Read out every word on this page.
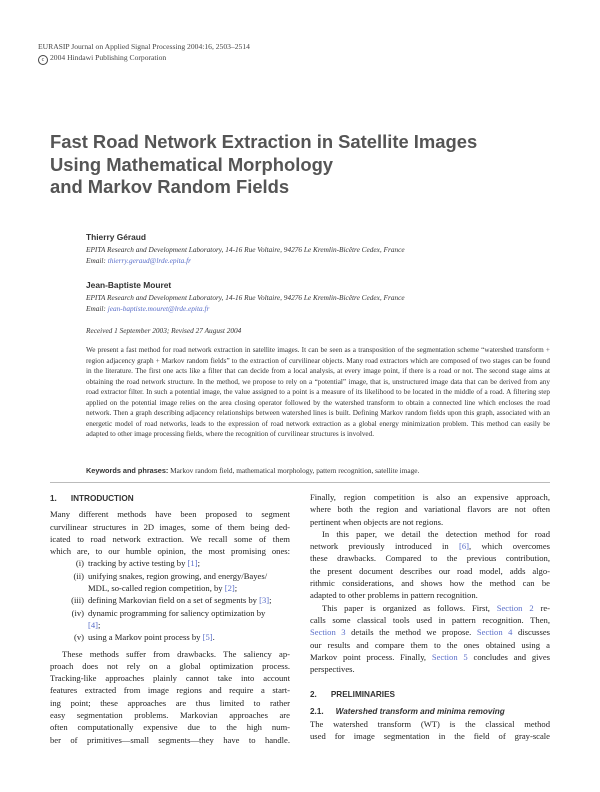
EURASIP Journal on Applied Signal Processing 2004:16, 2503–2514
c 2004 Hindawi Publishing Corporation
Fast Road Network Extraction in Satellite Images
Using Mathematical Morphology
and Markov Random Fields
Thierry Géraud
EPITA Research and Development Laboratory, 14-16 Rue Voltaire, 94276 Le Kremlin-Bicêtre Cedex, France
Email: thierry.geraud@lrde.epita.fr
Jean-Baptiste Mouret
EPITA Research and Development Laboratory, 14-16 Rue Voltaire, 94276 Le Kremlin-Bicêtre Cedex, France
Email: jean-baptiste.mouret@lrde.epita.fr
Received 1 September 2003; Revised 27 August 2004
We present a fast method for road network extraction in satellite images. It can be seen as a transposition of the segmentation scheme “watershed transform + region adjacency graph + Markov random fields” to the extraction of curvilinear objects. Many road extractors which are composed of two stages can be found in the literature. The first one acts like a filter that can decide from a local analysis, at every image point, if there is a road or not. The second stage aims at obtaining the road network structure. In the method, we propose to rely on a “potential” image, that is, unstructured image data that can be derived from any road extractor filter. In such a potential image, the value assigned to a point is a measure of its likelihood to be located in the middle of a road. A filtering step applied on the potential image relies on the area closing operator followed by the watershed transform to obtain a connected line which encloses the road network. Then a graph describing adjacency relationships between watershed lines is built. Defining Markov random fields upon this graph, associated with an energetic model of road networks, leads to the expression of road network extraction as a global energy minimization problem. This method can easily be adapted to other image processing fields, where the recognition of curvilinear structures is involved.
Keywords and phrases: Markov random field, mathematical morphology, pattern recognition, satellite image.
1. INTRODUCTION
Many different methods have been proposed to segment
curvilinear structures in 2D images, some of them being ded-
icated to road network extraction. We recall some of them
which are, to our humble opinion, the most promising ones:
(i) tracking by active testing by [1];
(ii) unifying snakes, region growing, and energy/Bayes/
MDL, so-called region competition, by [2];
(iii) defining Markovian field on a set of segments by [3];
(iv) dynamic programming for saliency optimization by
[4];
(v) using a Markov point process by [5].
These methods suffer from drawbacks. The saliency ap-
proach does not rely on a global optimization process.
Tracking-like approaches plainly cannot take into account
features extracted from image regions and require a start-
ing point; these approaches are thus limited to rather
easy segmentation problems. Markovian approaches are
often computationally expensive due to the high num-
ber of primitives—small segments—they have to handle.
Finally, region competition is also an expensive approach,
where both the region and variational flavors are not often
pertinent when objects are not regions.
In this paper, we detail the detection method for road
network previously introduced in [6], which overcomes
these drawbacks. Compared to the previous contribution,
the present document describes our road model, adds algo-
rithmic considerations, and shows how the method can be
adapted to other problems in pattern recognition.
This paper is organized as follows. First, Section 2 re-
calls some classical tools used in pattern recognition. Then,
Section 3 details the method we propose. Section 4 discusses
our results and compare them to the ones obtained using a
Markov point process. Finally, Section 5 concludes and gives
perspectives.
2. PRELIMINARIES
2.1. Watershed transform and minima removing
The watershed transform (WT) is the classical method
used for image segmentation in the field of gray-scale
